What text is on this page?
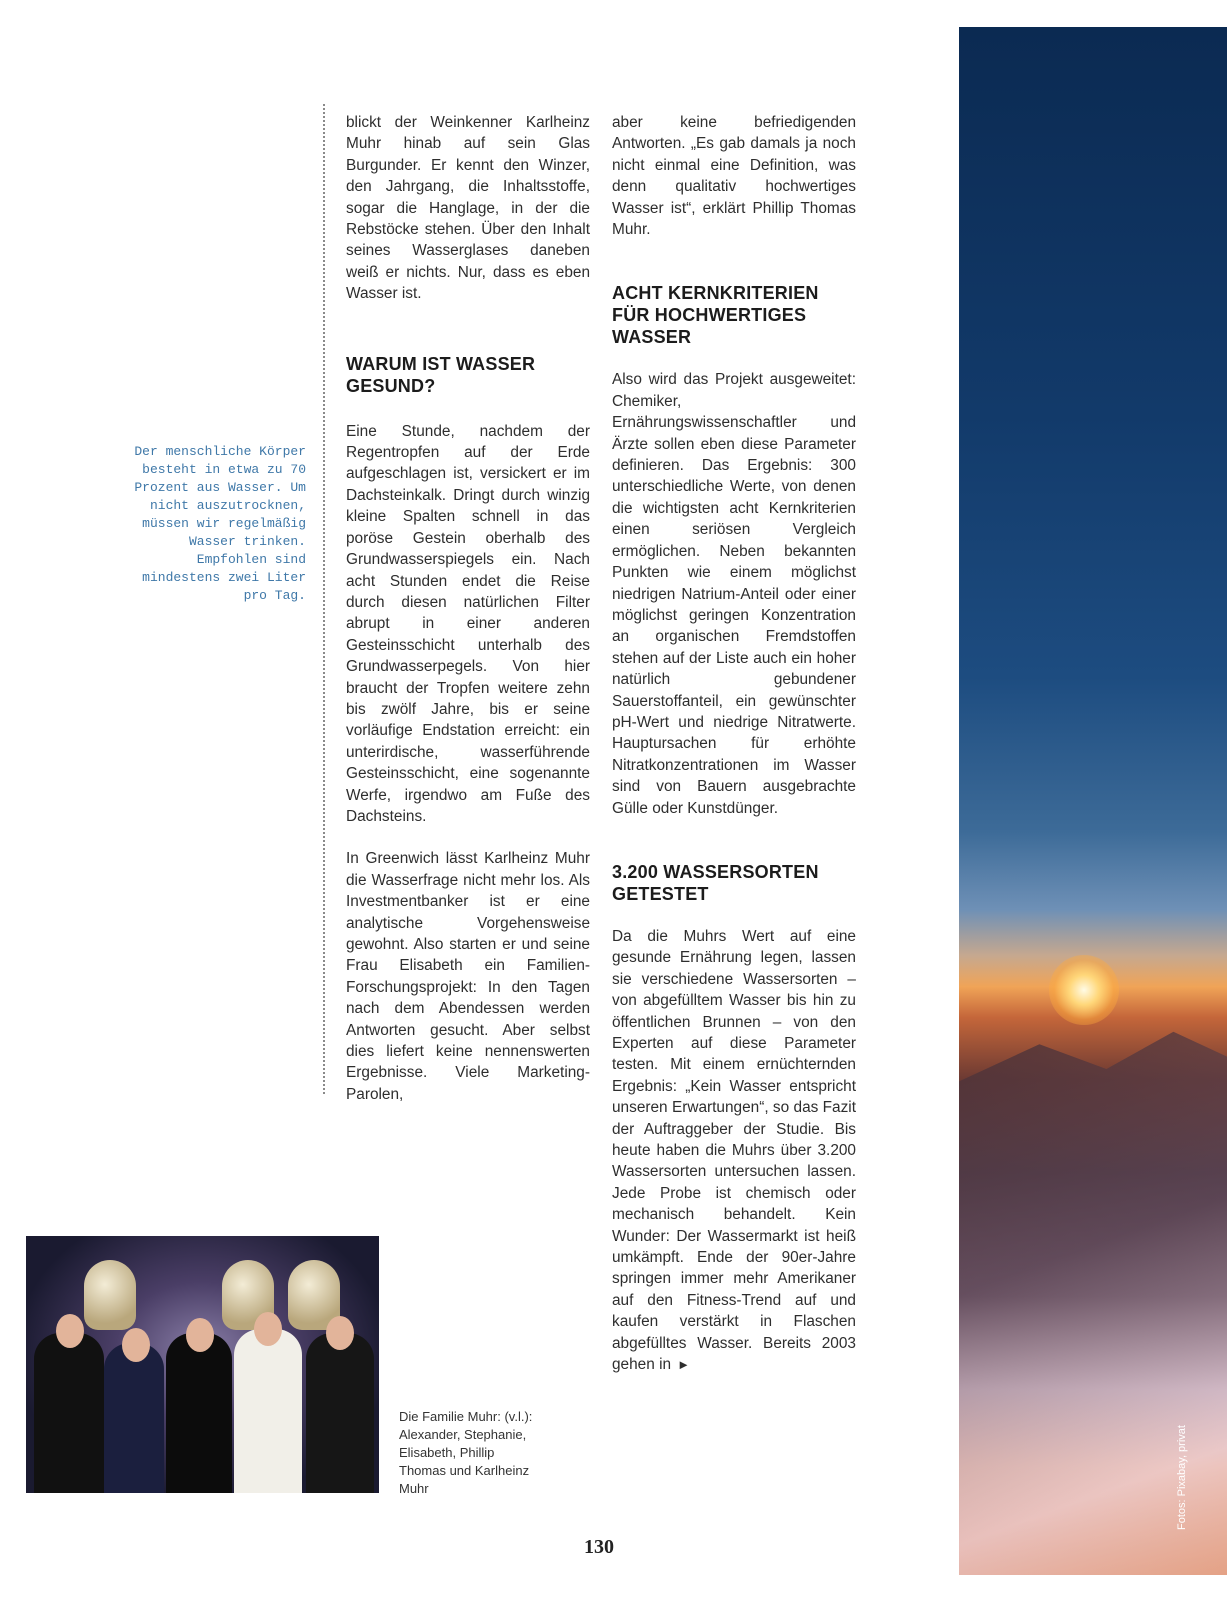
Der menschliche Körper besteht in etwa zu 70 Prozent aus Wasser. Um nicht auszutrocknen, müssen wir regelmäßig Wasser trinken. Empfohlen sind mindestens zwei Liter pro Tag.

blickt der Weinkenner Karlheinz Muhr hinab auf sein Glas Burgunder. Er kennt den Winzer, den Jahrgang, die Inhaltsstoffe, sogar die Hanglage, in der die Rebstöcke stehen. Über den Inhalt seines Wasserglases daneben weiß er nichts. Nur, dass es eben Wasser ist.

WARUM IST WASSER GESUND?

Eine Stunde, nachdem der Regentropfen auf der Erde aufgeschlagen ist, versickert er im Dachsteinkalk. Dringt durch winzig kleine Spalten schnell in das poröse Gestein oberhalb des Grundwasserspiegels ein. Nach acht Stunden endet die Reise durch diesen natürlichen Filter abrupt in einer anderen Gesteinsschicht unterhalb des Grundwasserpegels. Von hier braucht der Tropfen weitere zehn bis zwölf Jahre, bis er seine vorläufige Endstation erreicht: ein unterirdische, wasserführende Gesteinsschicht, eine sogenannte Werfe, irgendwo am Fuße des Dachsteins.

In Greenwich lässt Karlheinz Muhr die Wasserfrage nicht mehr los. Als Investmentbanker ist er eine analytische Vorgehensweise gewohnt. Also starten er und seine Frau Elisabeth ein Familien-Forschungsprojekt: In den Tagen nach dem Abendessen werden Antworten gesucht. Aber selbst dies liefert keine nennenswerten Ergebnisse. Viele Marketing-Parolen,

aber keine befriedigenden Antworten. „Es gab damals ja noch nicht einmal eine Definition, was denn qualitativ hochwertiges Wasser ist“, erklärt Phillip Thomas Muhr.

ACHT KERNKRITERIEN FÜR HOCHWERTIGES WASSER

Also wird das Projekt ausgeweitet: Chemiker, Ernährungswissenschaftler und Ärzte sollen eben diese Parameter definieren. Das Ergebnis: 300 unterschiedliche Werte, von denen die wichtigsten acht Kernkriterien einen seriösen Vergleich ermöglichen. Neben bekannten Punkten wie einem möglichst niedrigen Natrium-Anteil oder einer möglichst geringen Konzentration an organischen Fremdstoffen stehen auf der Liste auch ein hoher natürlich gebundener Sauerstoffanteil, ein gewünschter pH-Wert und niedrige Nitratwerte. Hauptursachen für erhöhte Nitratkonzentrationen im Wasser sind von Bauern ausgebrachte Gülle oder Kunstdünger.

3.200 WASSERSORTEN GETESTET

Da die Muhrs Wert auf eine gesunde Ernährung legen, lassen sie verschiedene Wassersorten – von abgefülltem Wasser bis hin zu öffentlichen Brunnen – von den Experten auf diese Parameter testen. Mit einem ernüchternden Ergebnis: „Kein Wasser entspricht unseren Erwartungen“, so das Fazit der Auftraggeber der Studie. Bis heute haben die Muhrs über 3.200 Wassersorten untersuchen lassen. Jede Probe ist chemisch oder mechanisch behandelt. Kein Wunder: Der Wassermarkt ist heiß umkämpft. Ende der 90er-Jahre springen immer mehr Amerikaner auf den Fitness-Trend auf und kaufen verstärkt in Flaschen abgefülltes Wasser. Bereits 2003 gehen in ►

Die Familie Muhr: (v.l.): Alexander, Stephanie, Elisabeth, Phillip Thomas und Karlheinz Muhr
130
Fotos: Pixabay, privat
